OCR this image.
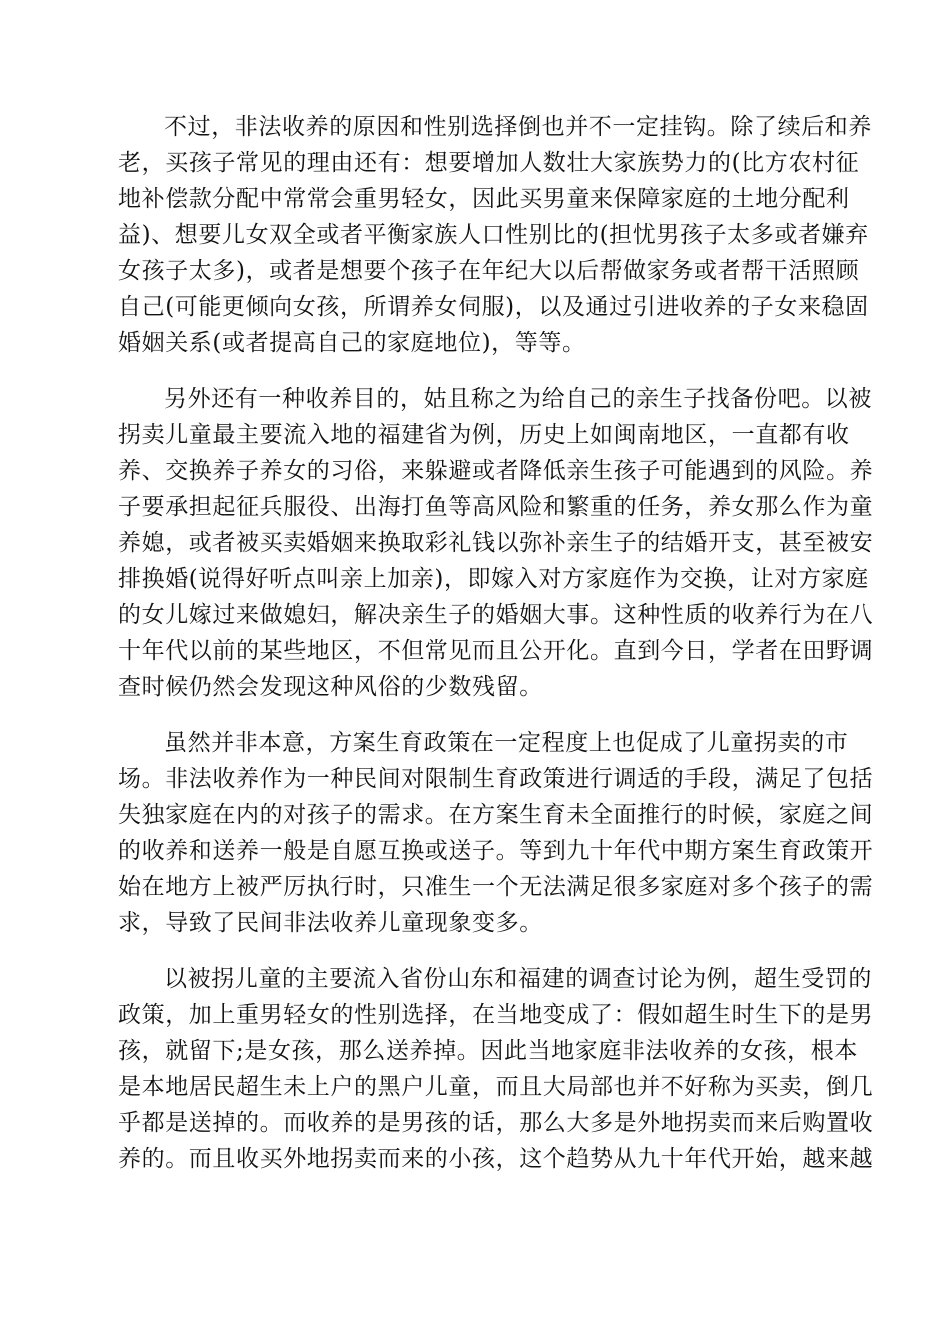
不过，非法收养的原因和性别选择倒也并不一定挂钩。除了续后和养
老，买孩子常见的理由还有：想要增加人数壮大家族势力的(比方农村征
地补偿款分配中常常会重男轻女，因此买男童来保障家庭的土地分配利
益)、想要儿女双全或者平衡家族人口性别比的(担忧男孩子太多或者嫌弃
女孩子太多)，或者是想要个孩子在年纪大以后帮做家务或者帮干活照顾
自己(可能更倾向女孩，所谓养女伺服)，以及通过引进收养的子女来稳固
婚姻关系(或者提高自己的家庭地位)，等等。

另外还有一种收养目的，姑且称之为给自己的亲生子找备份吧。以被
拐卖儿童最主要流入地的福建省为例，历史上如闽南地区，一直都有收
养、交换养子养女的习俗，来躲避或者降低亲生孩子可能遇到的风险。养
子要承担起征兵服役、出海打鱼等高风险和繁重的任务，养女那么作为童
养媳，或者被买卖婚姻来换取彩礼钱以弥补亲生子的结婚开支，甚至被安
排换婚(说得好听点叫亲上加亲)，即嫁入对方家庭作为交换，让对方家庭
的女儿嫁过来做媳妇，解决亲生子的婚姻大事。这种性质的收养行为在八
十年代以前的某些地区，不但常见而且公开化。直到今日，学者在田野调
查时候仍然会发现这种风俗的少数残留。

虽然并非本意，方案生育政策在一定程度上也促成了儿童拐卖的市
场。非法收养作为一种民间对限制生育政策进行调适的手段，满足了包括
失独家庭在内的对孩子的需求。在方案生育未全面推行的时候，家庭之间
的收养和送养一般是自愿互换或送子。等到九十年代中期方案生育政策开
始在地方上被严厉执行时，只准生一个无法满足很多家庭对多个孩子的需
求，导致了民间非法收养儿童现象变多。

以被拐儿童的主要流入省份山东和福建的调查讨论为例，超生受罚的
政策，加上重男轻女的性别选择，在当地变成了：假如超生时生下的是男
孩，就留下;是女孩，那么送养掉。因此当地家庭非法收养的女孩，根本
是本地居民超生未上户的黑户儿童，而且大局部也并不好称为买卖，倒几
乎都是送掉的。而收养的是男孩的话，那么大多是外地拐卖而来后购置收
养的。而且收买外地拐卖而来的小孩，这个趋势从九十年代开始，越来越
